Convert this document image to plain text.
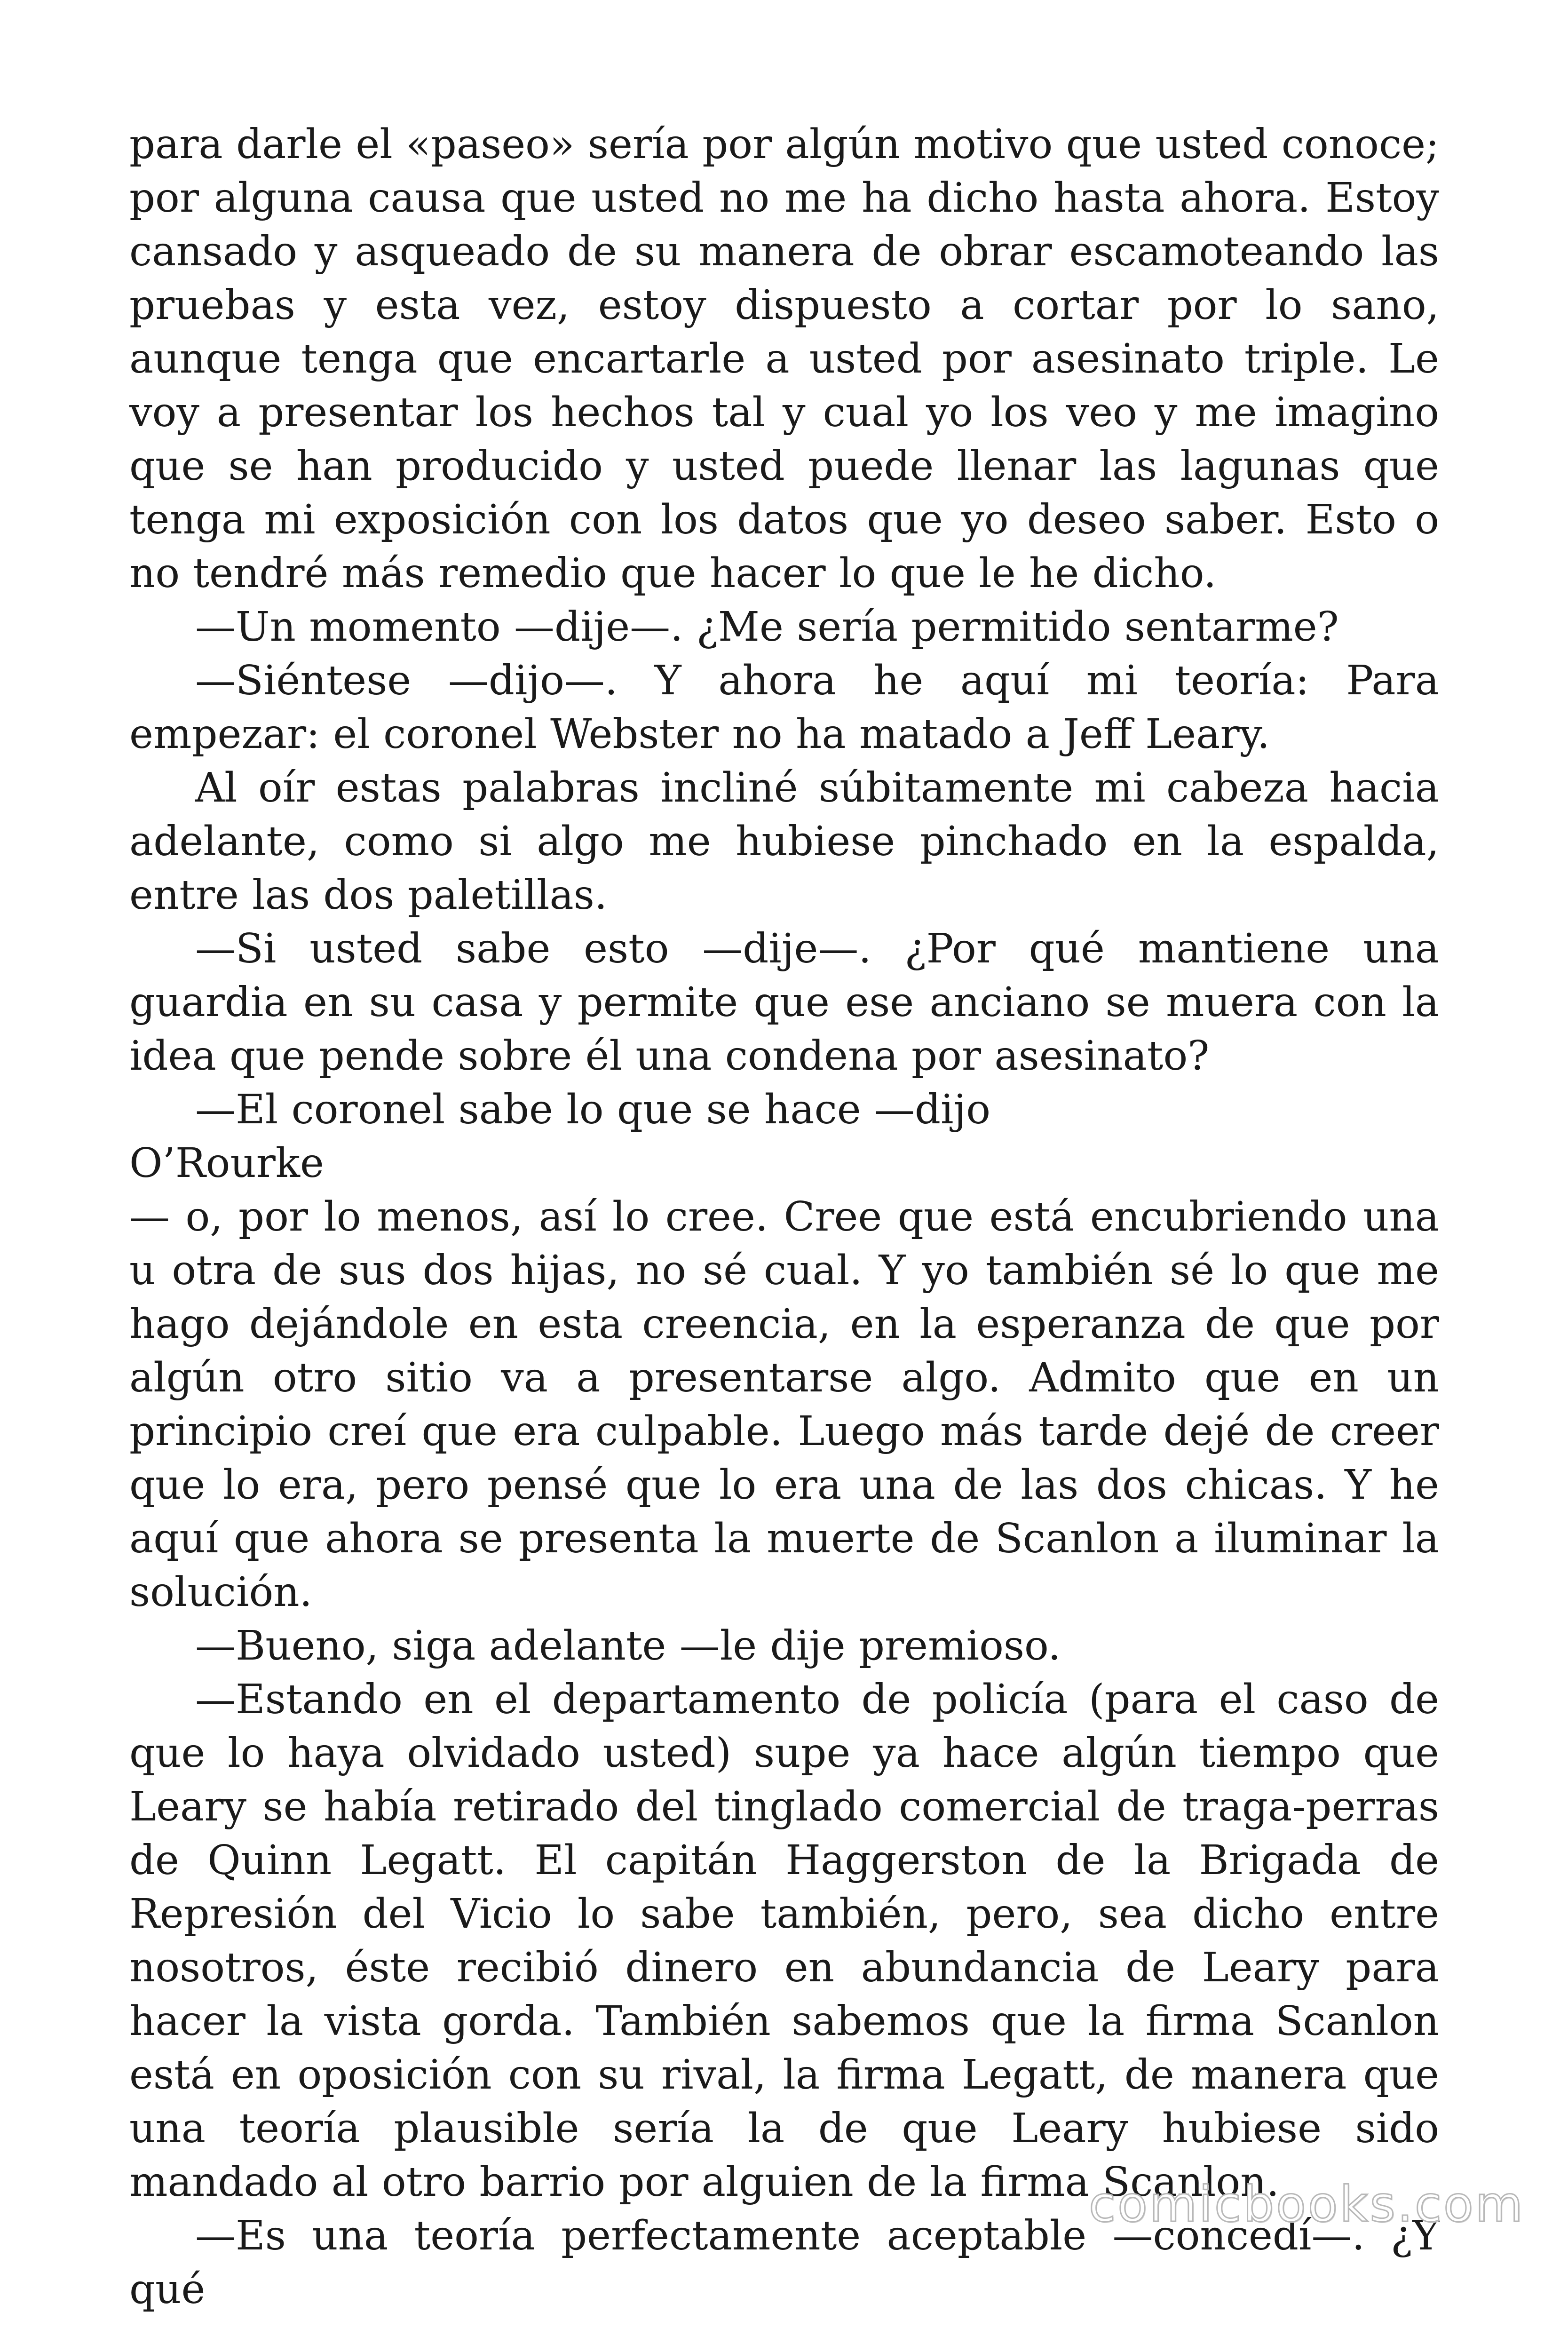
para darle el «paseo» sería por algún motivo que usted conoce; por alguna causa que usted no me ha dicho hasta ahora. Estoy cansado y asqueado de su manera de obrar escamoteando las pruebas y esta vez, estoy dispuesto a cortar por lo sano, aunque tenga que encartarle a usted por asesinato triple. Le voy a presentar los hechos tal y cual yo los veo y me imagino que se han producido y usted puede llenar las lagunas que tenga mi exposición con los datos que yo deseo saber. Esto o no tendré más remedio que hacer lo que le he dicho.

—Un momento —dije—. ¿Me sería permitido sentarme?

—Siéntese —dijo—. Y ahora he aquí mi teoría: Para empezar: el coronel Webster no ha matado a Jeff Leary.

Al oír estas palabras incliné súbitamente mi cabeza hacia adelante, como si algo me hubiese pinchado en la espalda, entre las dos paletillas.

—Si usted sabe esto —dije—. ¿Por qué mantiene una guardia en su casa y permite que ese anciano se muera con la idea que pende sobre él una condena por asesinato?

—El coronel sabe lo que se hace —dijo

O’Rourke

— o, por lo menos, así lo cree. Cree que está encubriendo una u otra de sus dos hijas, no sé cual. Y yo también sé lo que me hago dejándole en esta creencia, en la esperanza de que por algún otro sitio va a presentarse algo. Admito que en un principio creí que era culpable. Luego más tarde dejé de creer que lo era, pero pensé que lo era una de las dos chicas. Y he aquí que ahora se presenta la muerte de Scanlon a iluminar la solución.

—Bueno, siga adelante —le dije premioso.

—Estando en el departamento de policía (para el caso de que lo haya olvidado usted) supe ya hace algún tiempo que Leary se había retirado del tinglado comercial de traga-perras de Quinn Legatt. El capitán Haggerston de la Brigada de Represión del Vicio lo sabe también, pero, sea dicho entre nosotros, éste recibió dinero en abundancia de Leary para hacer la vista gorda. También sabemos que la firma Scanlon está en oposición con su rival, la firma Legatt, de manera que una teoría plausible sería la de que Leary hubiese sido mandado al otro barrio por alguien de la firma Scanlon.

—Es una teoría perfectamente aceptable —concedí—. ¿Y qué

comicbooks.com
